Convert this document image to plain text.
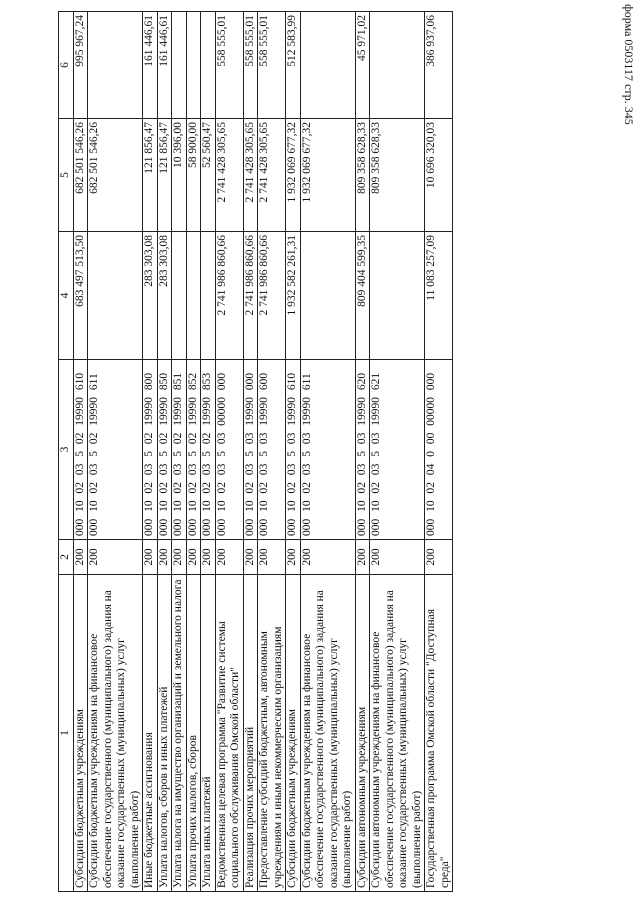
форма 0503117 стр. 345
1	2	3	4	5	6
Субсидии бюджетным учреждениям	200	000 10 02 03 5 02 19990 610	683 497 513,50	682 501 546,26	995 967,24
Субсидии бюджетным учреждениям на финансовое обеспечение государственного (муниципального) задания на оказание государственных (муниципальных) услуг (выполнение работ)	200	000 10 02 03 5 02 19990 611		682 501 546,26	
Иные бюджетные ассигнования	200	000 10 02 03 5 02 19990 800	283 303,08	121 856,47	161 446,61
Уплата налогов, сборов и иных платежей	200	000 10 02 03 5 02 19990 850	283 303,08	121 856,47	161 446,61
Уплата налога на имущество организаций и земельного налога	200	000 10 02 03 5 02 19990 851		10 396,00	
Уплата прочих налогов, сборов	200	000 10 02 03 5 02 19990 852		58 900,00	
Уплата иных платежей	200	000 10 02 03 5 02 19990 853		52 560,47	
Ведомственная целевая программа "Развитие системы социального обслуживания Омской области"	200	000 10 02 03 5 03 00000 000	2 741 986 860,66	2 741 428 305,65	558 555,01
Реализация прочих мероприятий	200	000 10 02 03 5 03 19990 000	2 741 986 860,66	2 741 428 305,65	558 555,01
Предоставление субсидий бюджетным, автономным учреждениям и иным некоммерческим организациям	200	000 10 02 03 5 03 19990 600	2 741 986 860,66	2 741 428 305,65	558 555,01
Субсидии бюджетным учреждениям	200	000 10 02 03 5 03 19990 610	1 932 582 261,31	1 932 069 677,32	512 583,99
Субсидии бюджетным учреждениям на финансовое обеспечение государственного (муниципального) задания на оказание государственных (муниципальных) услуг (выполнение работ)	200	000 10 02 03 5 03 19990 611		1 932 069 677,32	
Субсидии автономным учреждениям	200	000 10 02 03 5 03 19990 620	809 404 599,35	809 358 628,33	45 971,02
Субсидии автономным учреждениям на финансовое обеспечение государственного (муниципального) задания на оказание государственных (муниципальных) услуг (выполнение работ)	200	000 10 02 03 5 03 19990 621		809 358 628,33	
Государственная программа Омской области "Доступная среда"	200	000 10 02 04 0 00 00000 000	11 083 257,09	10 696 320,03	386 937,06
